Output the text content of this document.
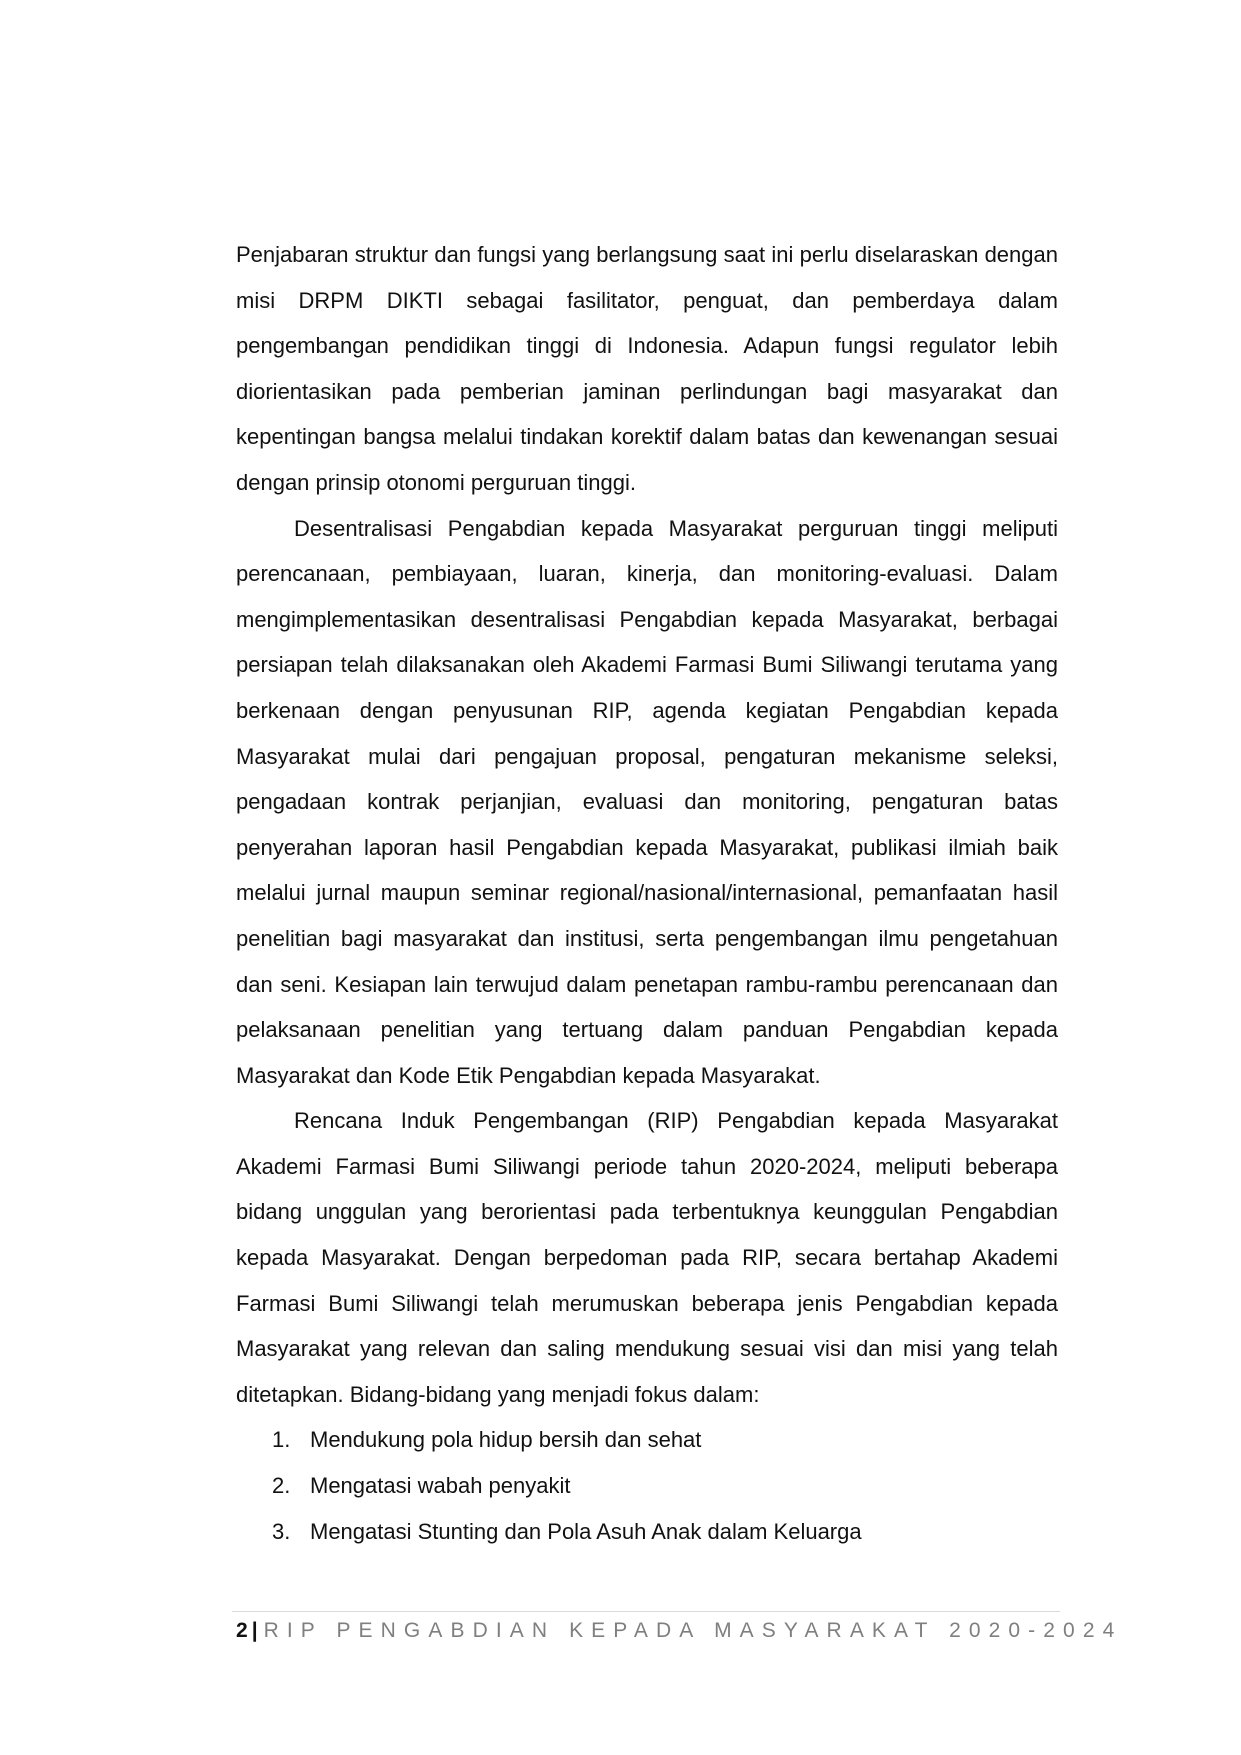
Penjabaran struktur dan fungsi yang berlangsung saat ini perlu diselaraskan dengan misi DRPM DIKTI sebagai fasilitator, penguat, dan pemberdaya dalam pengembangan pendidikan tinggi di Indonesia. Adapun fungsi regulator lebih diorientasikan pada pemberian jaminan perlindungan bagi masyarakat dan kepentingan bangsa melalui tindakan korektif dalam batas dan kewenangan sesuai dengan prinsip otonomi perguruan tinggi.

Desentralisasi Pengabdian kepada Masyarakat perguruan tinggi meliputi perencanaan, pembiayaan, luaran, kinerja, dan monitoring-evaluasi. Dalam mengimplementasikan desentralisasi Pengabdian kepada Masyarakat, berbagai persiapan telah dilaksanakan oleh Akademi Farmasi Bumi Siliwangi terutama yang berkenaan dengan penyusunan RIP, agenda kegiatan Pengabdian kepada Masyarakat mulai dari pengajuan proposal, pengaturan mekanisme seleksi, pengadaan kontrak perjanjian, evaluasi dan monitoring, pengaturan batas penyerahan laporan hasil Pengabdian kepada Masyarakat, publikasi ilmiah baik melalui jurnal maupun seminar regional/nasional/internasional, pemanfaatan hasil penelitian bagi masyarakat dan institusi, serta pengembangan ilmu pengetahuan dan seni. Kesiapan lain terwujud dalam penetapan rambu-rambu perencanaan dan pelaksanaan penelitian yang tertuang dalam panduan Pengabdian kepada Masyarakat dan Kode Etik Pengabdian kepada Masyarakat.

Rencana Induk Pengembangan (RIP) Pengabdian kepada Masyarakat Akademi Farmasi Bumi Siliwangi periode tahun 2020-2024, meliputi beberapa bidang unggulan yang berorientasi pada terbentuknya keunggulan Pengabdian kepada Masyarakat. Dengan berpedoman pada RIP, secara bertahap Akademi Farmasi Bumi Siliwangi telah merumuskan beberapa jenis Pengabdian kepada Masyarakat yang relevan dan saling mendukung sesuai visi dan misi yang telah ditetapkan. Bidang-bidang yang menjadi fokus dalam:

1. Mendukung pola hidup bersih dan sehat
2. Mengatasi wabah penyakit
3. Mengatasi Stunting dan Pola Asuh Anak dalam Keluarga
2 | RIP PENGABDIAN KEPADA MASYARAKAT 2020-2024
